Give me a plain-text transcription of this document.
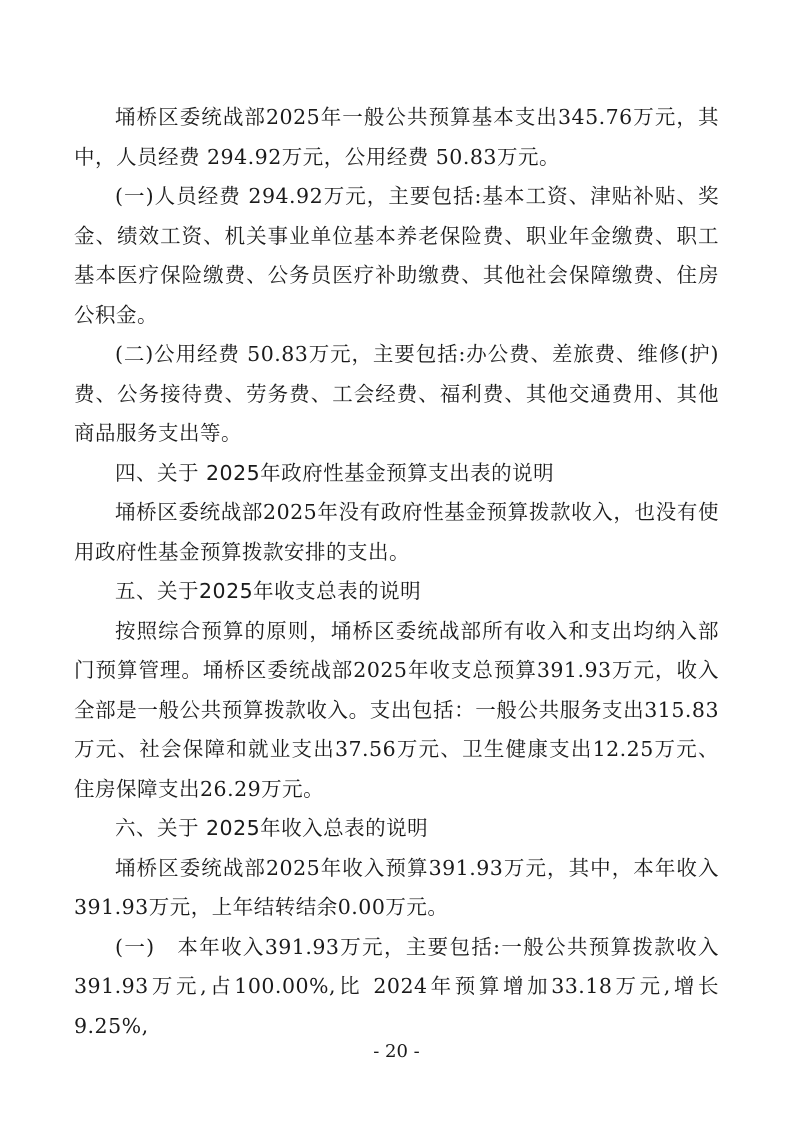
埇桥区委统战部2025年一般公共预算基本支出345.76万元，其中，人员经费 294.92万元，公用经费 50.83万元。

(一)人员经费 294.92万元，主要包括:基本工资、津贴补贴、奖金、绩效工资、机关事业单位基本养老保险费、职业年金缴费、职工基本医疗保险缴费、公务员医疗补助缴费、其他社会保障缴费、住房公积金。

(二)公用经费 50.83万元，主要包括:办公费、差旅费、维修(护)费、公务接待费、劳务费、工会经费、福利费、其他交通费用、其他商品服务支出等。

四、关于 2025年政府性基金预算支出表的说明

埇桥区委统战部2025年没有政府性基金预算拨款收入，也没有使用政府性基金预算拨款安排的支出。

五、关于2025年收支总表的说明

按照综合预算的原则，埇桥区委统战部所有收入和支出均纳入部门预算管理。埇桥区委统战部2025年收支总预算391.93万元，收入全部是一般公共预算拨款收入。支出包括：一般公共服务支出315.83万元、社会保障和就业支出37.56万元、卫生健康支出12.25万元、住房保障支出26.29万元。

六、关于 2025年收入总表的说明

埇桥区委统战部2025年收入预算391.93万元，其中，本年收入391.93万元，上年结转结余0.00万元。

(一)　本年收入391.93万元，主要包括:一般公共预算拨款收入391.93万元,占100.00%,比 2024年预算增加33.18万元,增长9.25%,

- 20 -
